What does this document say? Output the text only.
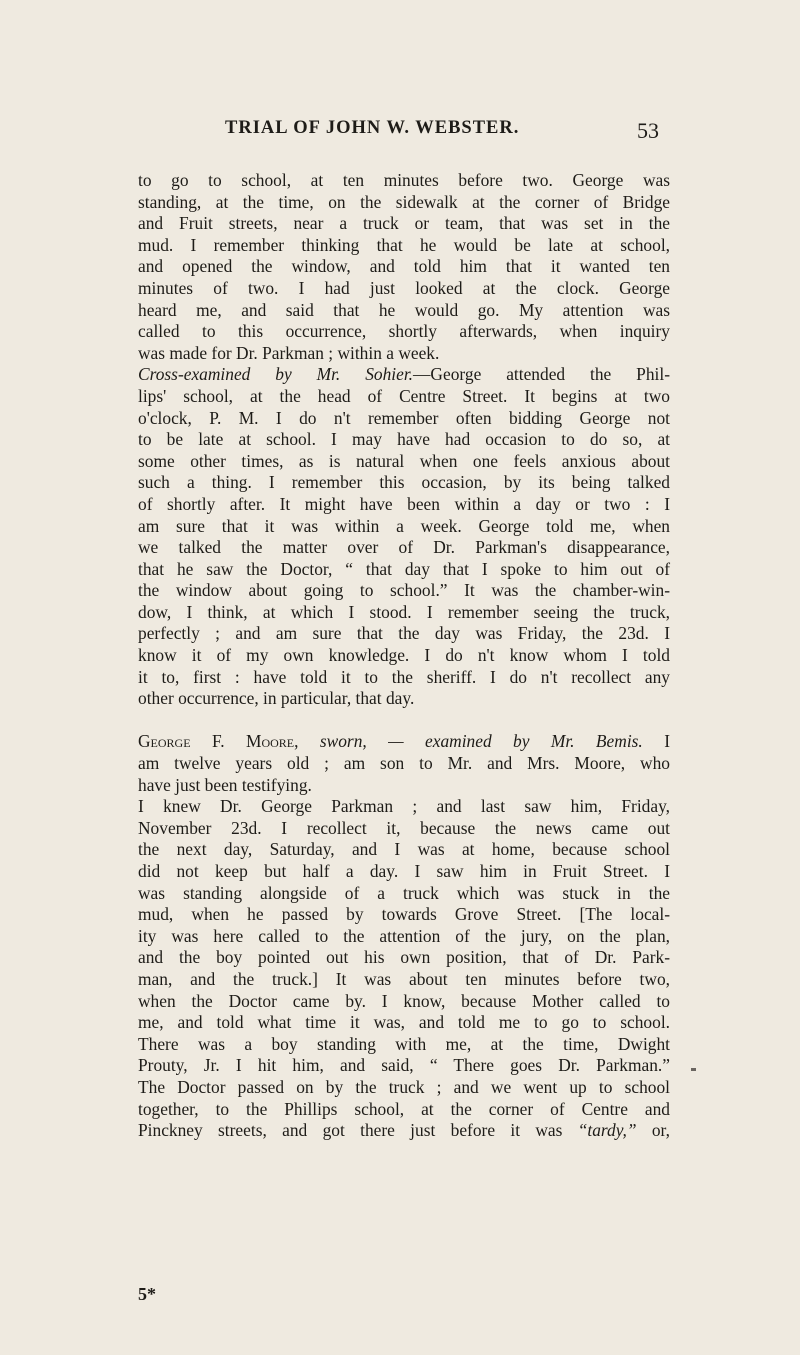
TRIAL OF JOHN W. WEBSTER.	53
to go to school, at ten minutes before two. George was
standing, at the time, on the sidewalk at the corner of Bridge
and Fruit streets, near a truck or team, that was set in the
mud. I remember thinking that he would be late at school,
and opened the window, and told him that it wanted ten
minutes of two. I had just looked at the clock. George
heard me, and said that he would go. My attention was
called to this occurrence, shortly afterwards, when inquiry
was made for Dr. Parkman ; within a week.
Cross-examined by Mr. Sohier.—George attended the Phil-
lips' school, at the head of Centre Street. It begins at two
o'clock, P. M. I do n't remember often bidding George not
to be late at school. I may have had occasion to do so, at
some other times, as is natural when one feels anxious about
such a thing. I remember this occasion, by its being talked
of shortly after. It might have been within a day or two : I
am sure that it was within a week. George told me, when
we talked the matter over of Dr. Parkman's disappearance,
that he saw the Doctor, “ that day that I spoke to him out of
the window about going to school.” It was the chamber-win-
dow, I think, at which I stood. I remember seeing the truck,
perfectly ; and am sure that the day was Friday, the 23d. I
know it of my own knowledge. I do n't know whom I told
it to, first : have told it to the sheriff. I do n't recollect any
other occurrence, in particular, that day.
George F. Moore, sworn, — examined by Mr. Bemis. I
am twelve years old ; am son to Mr. and Mrs. Moore, who
have just been testifying.
I knew Dr. George Parkman ; and last saw him, Friday,
November 23d. I recollect it, because the news came out
the next day, Saturday, and I was at home, because school
did not keep but half a day. I saw him in Fruit Street. I
was standing alongside of a truck which was stuck in the
mud, when he passed by towards Grove Street. [The local-
ity was here called to the attention of the jury, on the plan,
and the boy pointed out his own position, that of Dr. Park-
man, and the truck.] It was about ten minutes before two,
when the Doctor came by. I know, because Mother called to
me, and told what time it was, and told me to go to school.
There was a boy standing with me, at the time, Dwight
Prouty, Jr. I hit him, and said, “ There goes Dr. Parkman.”
The Doctor passed on by the truck ; and we went up to school
together, to the Phillips school, at the corner of Centre and
Pinckney streets, and got there just before it was “tardy,” or,
5*
